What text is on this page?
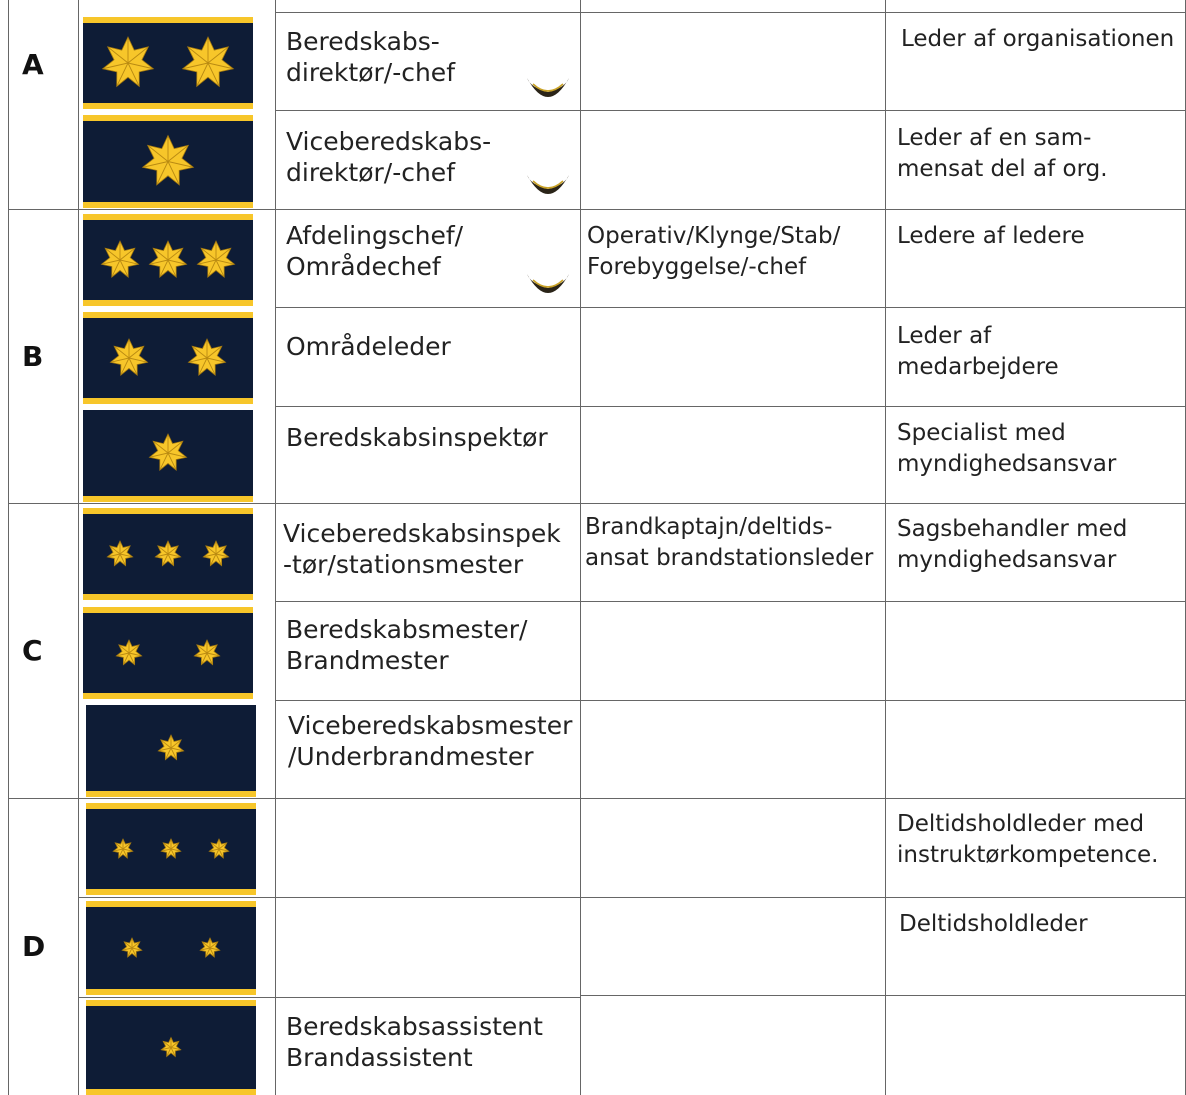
A
B
C
D
Beredskabs-
direktør/-chef
Leder af organisationen
Viceberedskabs-
direktør/-chef
Leder af en sam-
mensat del af org.
Afdelingschef/
Områdechef
Operativ/Klynge/Stab/
Forebyggelse/-chef
Ledere af ledere
Områdeleder	Leder af
medarbejdere
Beredskabsinspektør	Specialist med
myndighedsansvar
Viceberedskabsinspek
-tør/stationsmester
Brandkaptajn/deltids-
ansat brandstationsleder
Sagsbehandler med
myndighedsansvar
Beredskabsmester/
Brandmester
Viceberedskabsmester
/Underbrandmester
Deltidsholdleder med
instruktørkompetence.
Deltidsholdleder
Beredskabsassistent
Brandassistent
